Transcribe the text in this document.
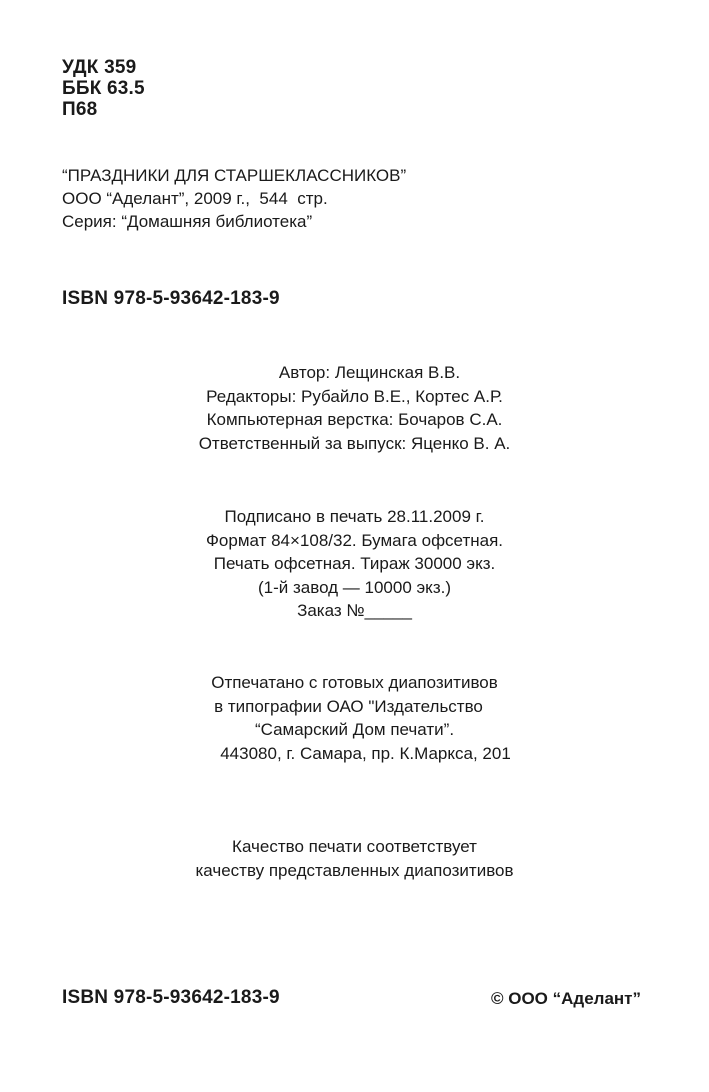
УДК 359
ББК 63.5
П68
“ПРАЗДНИКИ ДЛЯ СТАРШЕКЛАССНИКОВ”
ООО “Аделант”, 2009 г.,  544  стр.
Серия: “Домашняя библиотека”
ISBN 978-5-93642-183-9
Автор: Лещинская В.В.
Редакторы: Рубайло В.Е., Кортес А.Р.
Компьютерная верстка: Бочаров С.А.
Ответственный за выпуск: Яценко В. А.
Подписано в печать 28.11.2009 г.
Формат 84×108/32. Бумага офсетная.
Печать офсетная. Тираж 30000 экз.
(1-й завод — 10000 экз.)
Заказ №_____
Отпечатано с готовых диапозитивов
в типографии ОАО "Издательство
“Самарский Дом печати”.
443080, г. Самара, пр. К.Маркса, 201
Качество печати соответствует
качеству представленных диапозитивов
ISBN 978-5-93642-183-9	© ООО “Аделант”
